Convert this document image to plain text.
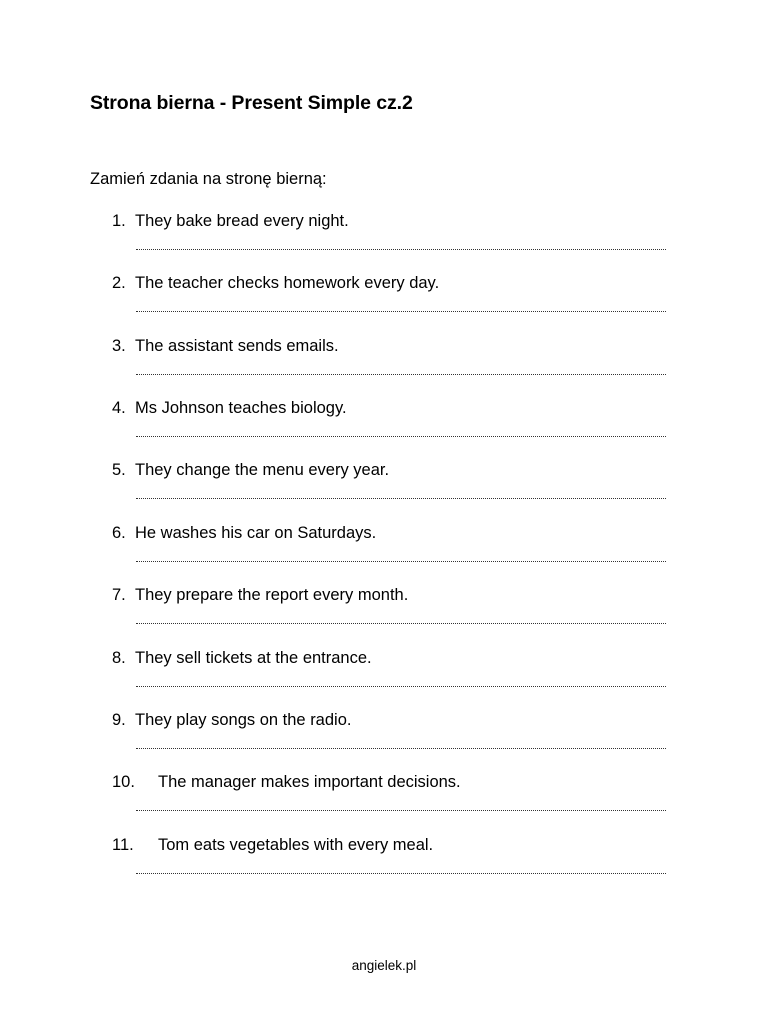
Strona bierna - Present Simple cz.2
Zamień zdania na stronę bierną:
1. They bake bread every night.
2. The teacher checks homework every day.
3. The assistant sends emails.
4. Ms Johnson teaches biology.
5. They change the menu every year.
6. He washes his car on Saturdays.
7. They prepare the report every month.
8. They sell tickets at the entrance.
9. They play songs on the radio.
10. The manager makes important decisions.
11. Tom eats vegetables with every meal.
angielek.pl
